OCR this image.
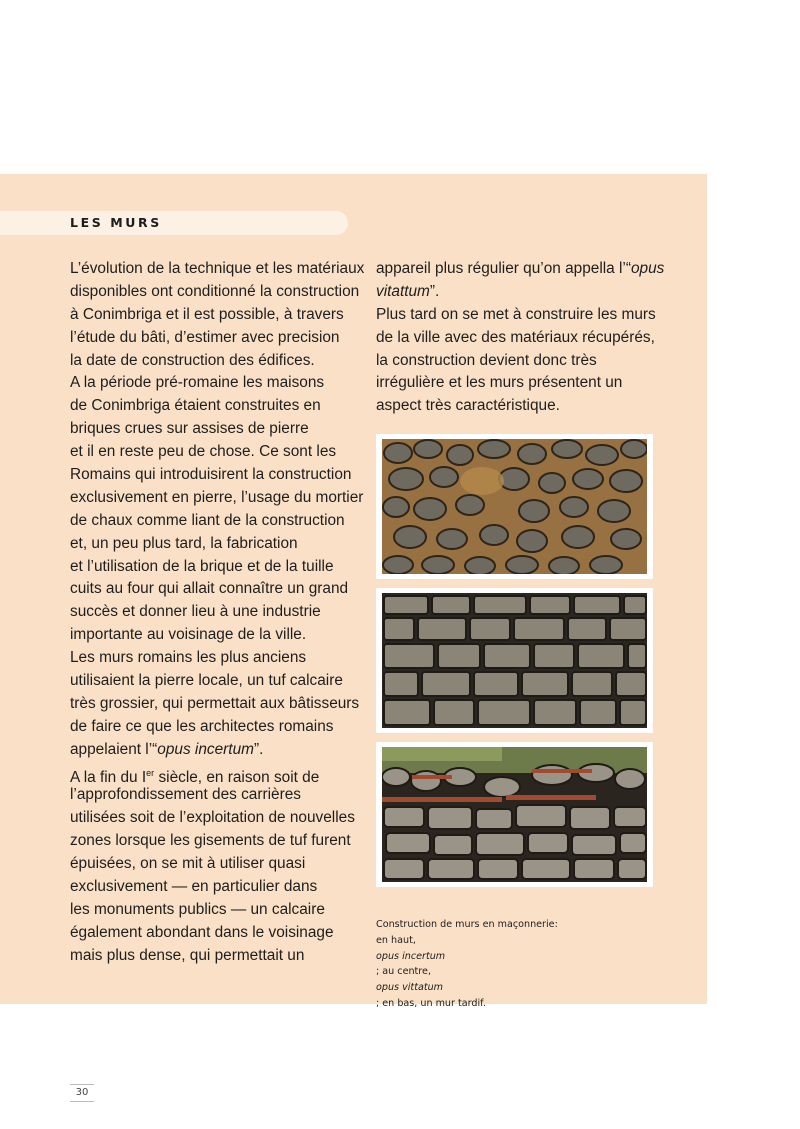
LES MURS
L’évolution de la technique et les matériaux
disponibles ont conditionné la construction
à Conimbriga et il est possible, à travers
l’étude du bâti, d’estimer avec precision
la date de construction des édifices.
A la période pré-romaine les maisons
de Conimbriga étaient construites en
briques crues sur assises de pierre
et il en reste peu de chose. Ce sont les
Romains qui introduisirent la construction
exclusivement en pierre, l’usage du mortier
de chaux comme liant de la construction
et, un peu plus tard, la fabrication
et l’utilisation de la brique et de la tuille
cuits au four qui allait connaître un grand
succès et donner lieu à une industrie
importante au voisinage de la ville.
Les murs romains les plus anciens
utilisaient la pierre locale, un tuf calcaire
très grossier, qui permettait aux bâtisseurs
de faire ce que les architectes romains
appelaient l’“opus incertum”.
A la fin du Ier siècle, en raison soit de
l’approfondissement des carrières
utilisées soit de l’exploitation de nouvelles
zones lorsque les gisements de tuf furent
épuisées, on se mit à utiliser quasi
exclusivement — en particulier dans
les monuments publics — un calcaire
également abondant dans le voisinage
mais plus dense, qui permettait un
appareil plus régulier qu’on appella l’“opus
vitattum”.
Plus tard on se met à construire les murs
de la ville avec des matériaux récupérés,
la construction devient donc très
irrégulière et les murs présentent un
aspect très caractéristique.
Construction de murs en maçonnerie:
en haut,
opus incertum
; au centre,
opus vittatum
; en bas, un mur tardif.
30
